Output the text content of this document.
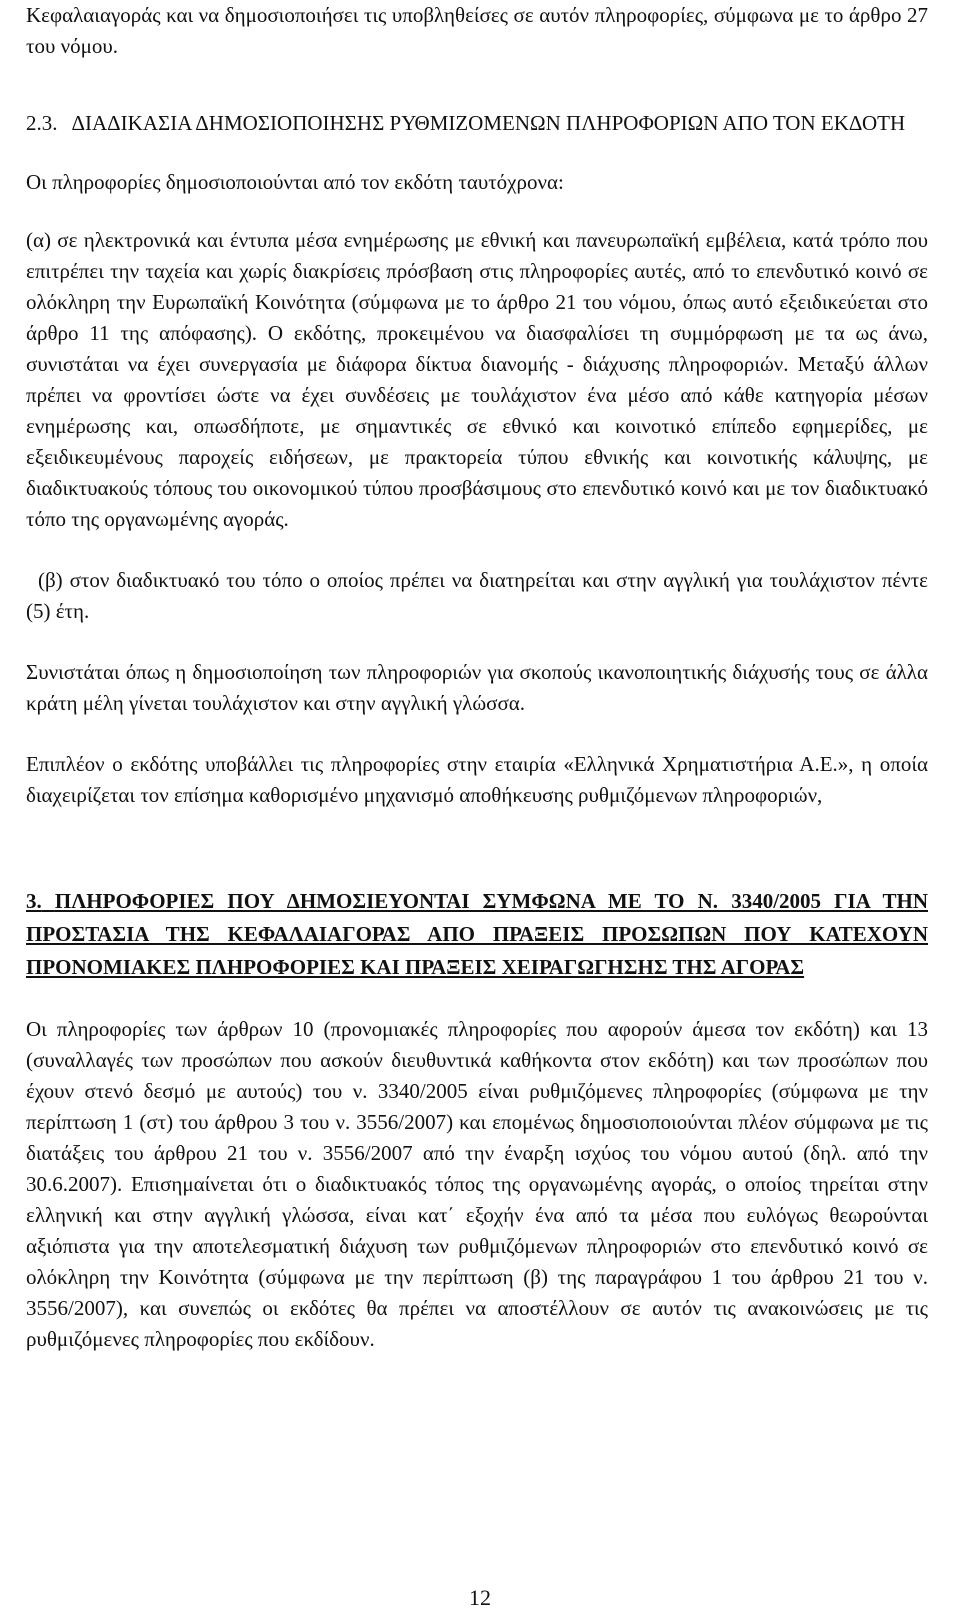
Κεφαλαιαγοράς και να δημοσιοποιήσει τις υποβληθείσες σε αυτόν πληροφορίες, σύμφωνα με το άρθρο 27 του νόμου.

2.3. ΔΙΑΔΙΚΑΣΙΑ ΔΗΜΟΣΙΟΠΟΙΗΣΗΣ ΡΥΘΜΙΖΟΜΕΝΩΝ ΠΛΗΡΟΦΟΡΙΩΝ ΑΠΟ ΤΟΝ ΕΚΔΟΤΗ

Οι πληροφορίες δημοσιοποιούνται από τον εκδότη ταυτόχρονα:

(α) σε ηλεκτρονικά και έντυπα μέσα ενημέρωσης με εθνική και πανευρωπαϊκή εμβέλεια, κατά τρόπο που επιτρέπει την ταχεία και χωρίς διακρίσεις πρόσβαση στις πληροφορίες αυτές, από το επενδυτικό κοινό σε ολόκληρη την Ευρωπαϊκή Κοινότητα (σύμφωνα με το άρθρο 21 του νόμου, όπως αυτό εξειδικεύεται στο άρθρο 11 της απόφασης). Ο εκδότης, προκειμένου να διασφαλίσει τη συμμόρφωση με τα ως άνω, συνιστάται να έχει συνεργασία με διάφορα δίκτυα διανομής - διάχυσης πληροφοριών. Μεταξύ άλλων πρέπει να φροντίσει ώστε να έχει συνδέσεις με τουλάχιστον ένα μέσο από κάθε κατηγορία μέσων ενημέρωσης και, οπωσδήποτε, με σημαντικές σε εθνικό και κοινοτικό επίπεδο εφημερίδες, με εξειδικευμένους παροχείς ειδήσεων, με πρακτορεία τύπου εθνικής και κοινοτικής κάλυψης, με διαδικτυακούς τόπους του οικονομικού τύπου προσβάσιμους στο επενδυτικό κοινό και με τον διαδικτυακό τόπο της οργανωμένης αγοράς.

(β) στον διαδικτυακό του τόπο ο οποίος πρέπει να διατηρείται και στην αγγλική για τουλάχιστον πέντε (5) έτη.

Συνιστάται όπως η δημοσιοποίηση των πληροφοριών για σκοπούς ικανοποιητικής διάχυσής τους σε άλλα κράτη μέλη γίνεται τουλάχιστον και στην αγγλική γλώσσα.

Επιπλέον ο εκδότης υποβάλλει τις πληροφορίες στην εταιρία «Ελληνικά Χρηματιστήρια Α.Ε.», η οποία διαχειρίζεται τον επίσημα καθορισμένο μηχανισμό αποθήκευσης ρυθμιζόμενων πληροφοριών,

3. ΠΛΗΡΟΦΟΡΙΕΣ ΠΟΥ ΔΗΜΟΣΙΕΥΟΝΤΑΙ ΣΥΜΦΩΝΑ ΜΕ ΤΟ Ν. 3340/2005 ΓΙΑ ΤΗΝ ΠΡΟΣΤΑΣΙΑ ΤΗΣ ΚΕΦΑΛΑΙΑΓΟΡΑΣ ΑΠΟ ΠΡΑΞΕΙΣ ΠΡΟΣΩΠΩΝ ΠΟΥ ΚΑΤΕΧΟΥΝ ΠΡΟΝΟΜΙΑΚΕΣ ΠΛΗΡΟΦΟΡΙΕΣ ΚΑΙ ΠΡΑΞΕΙΣ ΧΕΙΡΑΓΩΓΗΣΗΣ ΤΗΣ ΑΓΟΡΑΣ

Οι πληροφορίες των άρθρων 10 (προνομιακές πληροφορίες που αφορούν άμεσα τον εκδότη) και 13 (συναλλαγές των προσώπων που ασκούν διευθυντικά καθήκοντα στον εκδότη) και των προσώπων που έχουν στενό δεσμό με αυτούς) του ν. 3340/2005 είναι ρυθμιζόμενες πληροφορίες (σύμφωνα με την περίπτωση 1 (στ) του άρθρου 3 του ν. 3556/2007) και επομένως δημοσιοποιούνται πλέον σύμφωνα με τις διατάξεις του άρθρου 21 του ν. 3556/2007 από την έναρξη ισχύος του νόμου αυτού (δηλ. από την 30.6.2007). Επισημαίνεται ότι ο διαδικτυακός τόπος της οργανωμένης αγοράς, ο οποίος τηρείται στην ελληνική και στην αγγλική γλώσσα, είναι κατ΄ εξοχήν ένα από τα μέσα που ευλόγως θεωρούνται αξιόπιστα για την αποτελεσματική διάχυση των ρυθμιζόμενων πληροφοριών στο επενδυτικό κοινό σε ολόκληρη την Κοινότητα (σύμφωνα με την περίπτωση (β) της παραγράφου 1 του άρθρου 21 του ν. 3556/2007), και συνεπώς οι εκδότες θα πρέπει να αποστέλλουν σε αυτόν τις ανακοινώσεις με τις ρυθμιζόμενες πληροφορίες που εκδίδουν.

12
